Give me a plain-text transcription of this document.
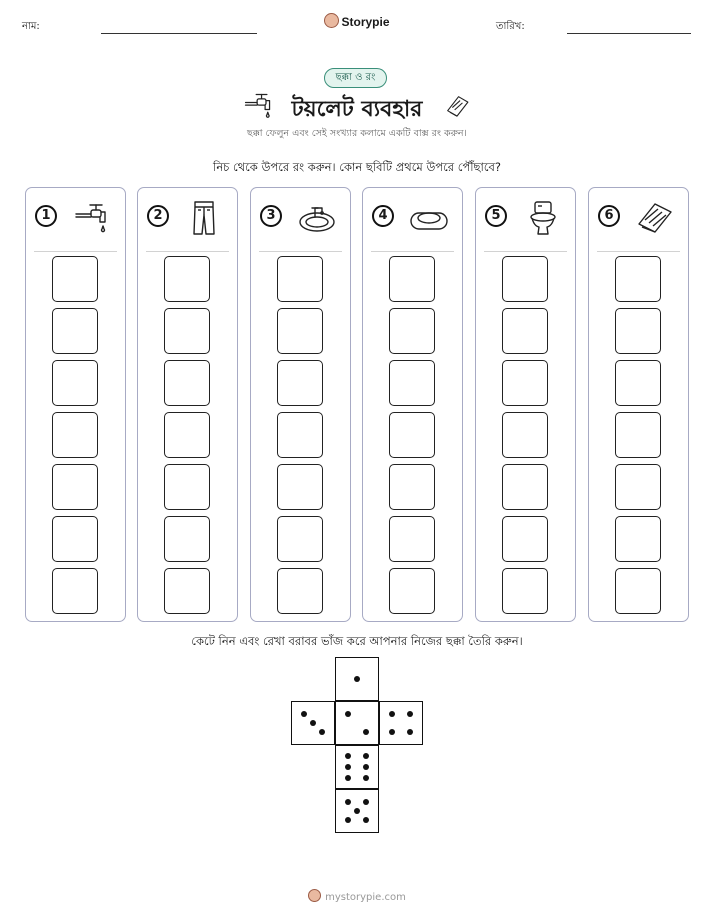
নাম:	Storypie	তারিখ:
ছক্কা ও রং
টয়লেট ব্যবহার
ছক্কা ফেলুন এবং সেই সংখ্যার কলামে একটি বাক্স রং করুন।
নিচ থেকে উপরে রং করুন। কোন ছবিটি প্রথমে উপরে পৌঁছাবে?
1	2	3	4	5	6
কেটে নিন এবং রেখা বরাবর ভাঁজ করে আপনার নিজের ছক্কা তৈরি করুন।
mystorypie.com
